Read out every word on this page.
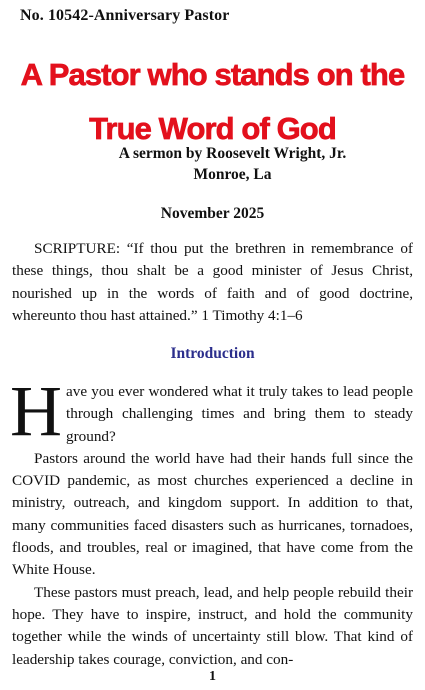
No. 10542-Anniversary Pastor
A Pastor who stands on the
True Word of God
A sermon by Roosevelt Wright, Jr.
Monroe, La
November 2025
SCRIPTURE: “If thou put the brethren in remembrance of these things, thou shalt be a good minister of Jesus Christ, nourished up in the words of faith and of good doctrine, whereunto thou hast attained.” 1 Timothy 4:1–6
Introduction

Have you ever wondered what it truly takes to lead people through challenging times and bring them to steady ground?

Pastors around the world have had their hands full since the COVID pandemic, as most churches experienced a decline in ministry, outreach, and kingdom support. In addition to that, many communities faced disasters such as hurricanes, tornadoes, floods, and troubles, real or imagined, that have come from the White House.

These pastors must preach, lead, and help people rebuild their hope. They have to inspire, instruct, and hold the community together while the winds of uncertainty still blow. That kind of leadership takes courage, conviction, and con-

1
